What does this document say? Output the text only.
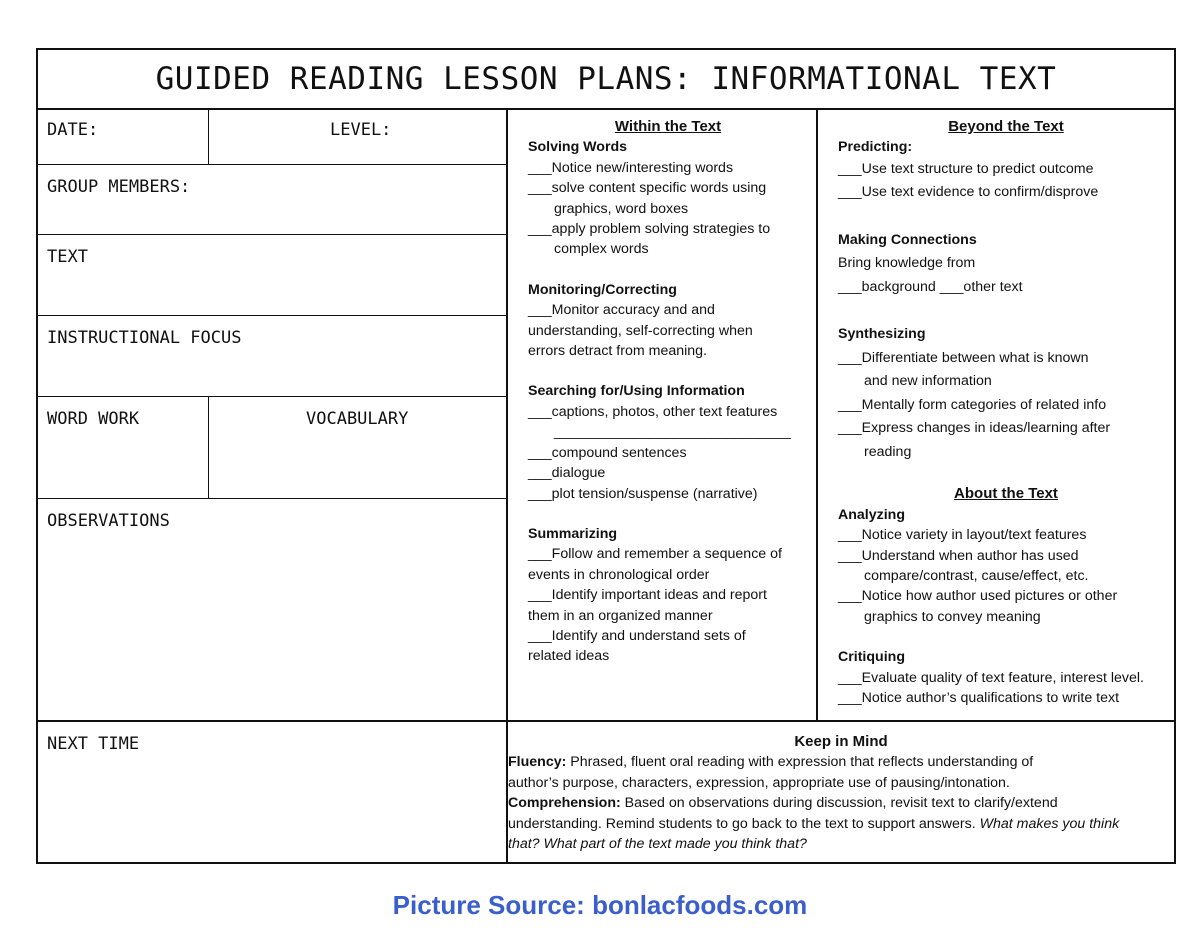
GUIDED READING LESSON PLANS: INFORMATIONAL TEXT
DATE:	LEVEL:
GROUP MEMBERS:
TEXT
INSTRUCTIONAL FOCUS
WORD WORK	VOCABULARY
OBSERVATIONS
Within the Text
Solving Words
___Notice new/interesting words
___solve content specific words using
graphics, word boxes
___apply problem solving strategies to
complex words
Monitoring/Correcting
___Monitor accuracy and and
understanding, self-correcting when
errors detract from meaning.
Searching for/Using Information
___captions, photos, other text features
______________________________
___compound sentences
___dialogue
___plot tension/suspense (narrative)
Summarizing
___Follow and remember a sequence of
events in chronological order
___Identify important ideas and report
them in an organized manner
___Identify and understand sets of
related ideas
Beyond the Text
Predicting:
___Use text structure to predict outcome
___Use text evidence to confirm/disprove
Making Connections
Bring knowledge from
___background ___other text
Synthesizing
___Differentiate between what is known
and new information
___Mentally form categories of related info
___Express changes in ideas/learning after
reading
About the Text
Analyzing
___Notice variety in layout/text features
___Understand when author has used
compare/contrast, cause/effect, etc.
___Notice how author used pictures or other
graphics to convey meaning
Critiquing
___Evaluate quality of text feature, interest level.
___Notice author’s qualifications to write text
NEXT TIME	Keep in Mind
Fluency: Phrased, fluent oral reading with expression that reflects understanding of
author’s purpose, characters, expression, appropriate use of pausing/intonation.
Comprehension: Based on observations during discussion, revisit text to clarify/extend
understanding. Remind students to go back to the text to support answers. What makes you think
that? What part of the text made you think that?
Picture Source: bonlacfoods.com
